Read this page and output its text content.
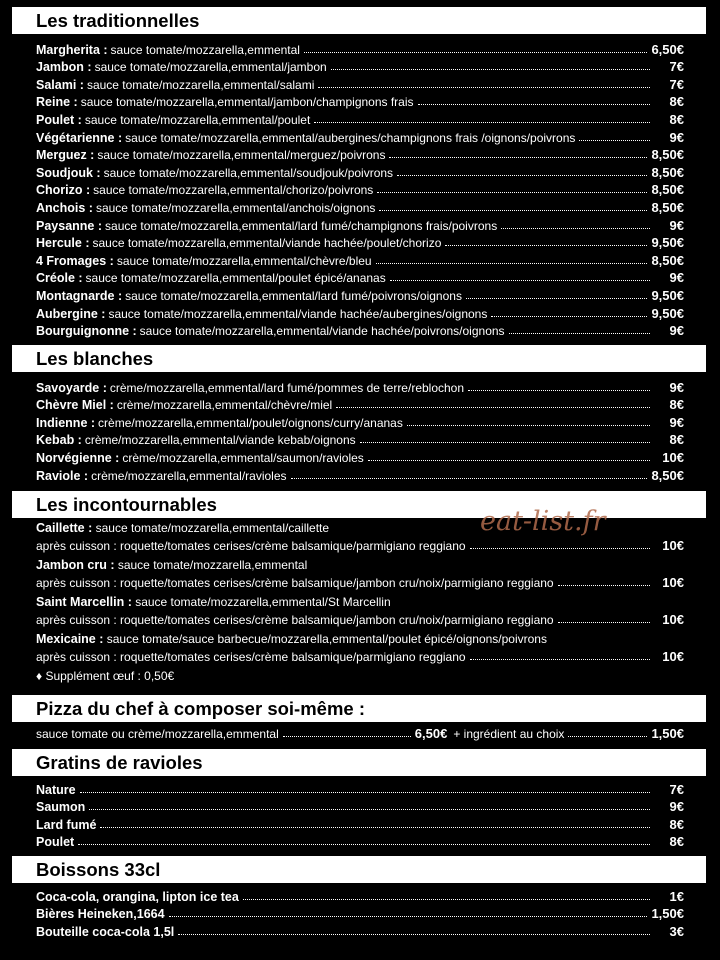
Les traditionnelles
Margherita : sauce tomate/mozzarella,emmental	6,50€
Jambon : sauce tomate/mozzarella,emmental/jambon	7€
Salami : sauce tomate/mozzarella,emmental/salami	7€
Reine : sauce tomate/mozzarella,emmental/jambon/champignons frais	8€
Poulet : sauce tomate/mozzarella,emmental/poulet	8€
Végétarienne : sauce tomate/mozzarella,emmental/aubergines/champignons frais /oignons/poivrons	9€
Merguez : sauce tomate/mozzarella,emmental/merguez/poivrons	8,50€
Soudjouk : sauce tomate/mozzarella,emmental/soudjouk/poivrons	8,50€
Chorizo : sauce tomate/mozzarella,emmental/chorizo/poivrons	8,50€
Anchois : sauce tomate/mozzarella,emmental/anchois/oignons	8,50€
Paysanne : sauce tomate/mozzarella,emmental/lard fumé/champignons frais/poivrons	9€
Hercule : sauce tomate/mozzarella,emmental/viande hachée/poulet/chorizo	9,50€
4 Fromages : sauce tomate/mozzarella,emmental/chèvre/bleu	8,50€
Créole : sauce tomate/mozzarella,emmental/poulet épicé/ananas	9€
Montagnarde : sauce tomate/mozzarella,emmental/lard fumé/poivrons/oignons	9,50€
Aubergine : sauce tomate/mozzarella,emmental/viande hachée/aubergines/oignons	9,50€
Bourguignonne : sauce tomate/mozzarella,emmental/viande hachée/poivrons/oignons	9€
Les blanches
Savoyarde : crème/mozzarella,emmental/lard fumé/pommes de terre/reblochon	9€
Chèvre Miel : crème/mozzarella,emmental/chèvre/miel	8€
Indienne : crème/mozzarella,emmental/poulet/oignons/curry/ananas	9€
Kebab : crème/mozzarella,emmental/viande kebab/oignons	8€
Norvégienne : crème/mozzarella,emmental/saumon/ravioles	10€
Raviole : crème/mozzarella,emmental/ravioles	8,50€
Les incontournables
Caillette : sauce tomate/mozzarella,emmental/caillette
après cuisson : roquette/tomates cerises/crème balsamique/parmigiano reggiano	10€
Jambon cru : sauce tomate/mozzarella,emmental
après cuisson : roquette/tomates cerises/crème balsamique/jambon cru/noix/parmigiano reggiano	10€
Saint Marcellin : sauce tomate/mozzarella,emmental/St Marcellin
après cuisson : roquette/tomates cerises/crème balsamique/jambon cru/noix/parmigiano reggiano	10€
Mexicaine : sauce tomate/sauce barbecue/mozzarella,emmental/poulet épicé/oignons/poivrons
après cuisson : roquette/tomates cerises/crème balsamique/parmigiano reggiano	10€
♦ Supplément œuf : 0,50€
Pizza du chef à composer soi-même :
sauce tomate ou crème/mozzarella,emmental	6,50€ + ingrédient au choix	1,50€
Gratins de ravioles
Nature	7€
Saumon	9€
Lard fumé	8€
Poulet	8€
Boissons 33cl
Coca-cola, orangina, lipton ice tea	1€
Bières Heineken,1664	1,50€
Bouteille coca-cola 1,5l	3€
eat-list.fr
